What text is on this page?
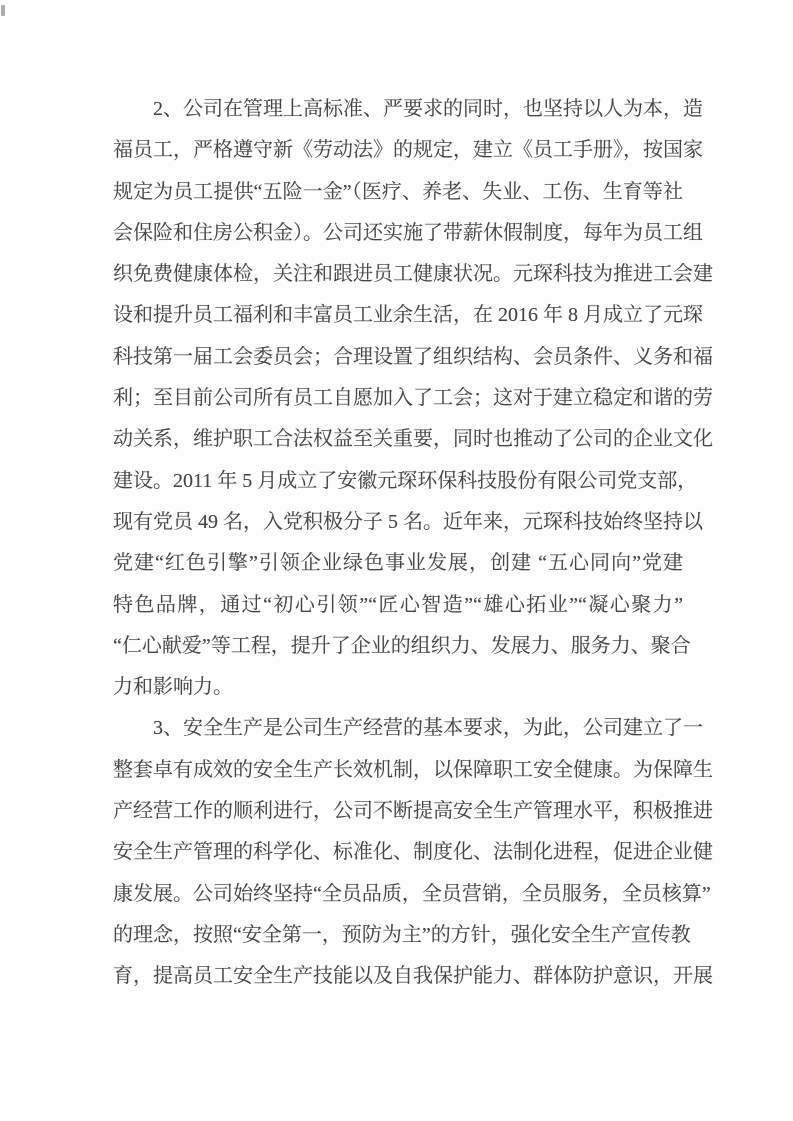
2、公司在管理上高标准、严要求的同时，也坚持以人为本，造
福员工，严格遵守新《劳动法》的规定，建立《员工手册》，按国家
规定为员工提供“五险一金”（医疗、养老、失业、工伤、生育等社
会保险和住房公积金）。公司还实施了带薪休假制度，每年为员工组
织免费健康体检，关注和跟进员工健康状况。元琛科技为推进工会建
设和提升员工福利和丰富员工业余生活，在 2016 年 8 月成立了元琛
科技第一届工会委员会；合理设置了组织结构、会员条件、义务和福
利；至目前公司所有员工自愿加入了工会；这对于建立稳定和谐的劳
动关系，维护职工合法权益至关重要，同时也推动了公司的企业文化
建设。2011 年 5 月成立了安徽元琛环保科技股份有限公司党支部，
现有党员 49 名，入党积极分子 5 名。近年来，元琛科技始终坚持以
党建“红色引擎”引领企业绿色事业发展，创建 “五心同向”党建
特色品牌，通过“初心引领”“匠心智造”“雄心拓业”“凝心聚力”
“仁心献爱”等工程，提升了企业的组织力、发展力、服务力、聚合
力和影响力。
3、安全生产是公司生产经营的基本要求，为此，公司建立了一
整套卓有成效的安全生产长效机制，以保障职工安全健康。为保障生
产经营工作的顺利进行，公司不断提高安全生产管理水平，积极推进
安全生产管理的科学化、标准化、制度化、法制化进程，促进企业健
康发展。公司始终坚持“全员品质，全员营销，全员服务，全员核算”
的理念，按照“安全第一，预防为主”的方针，强化安全生产宣传教
育，提高员工安全生产技能以及自我保护能力、群体防护意识，开展
